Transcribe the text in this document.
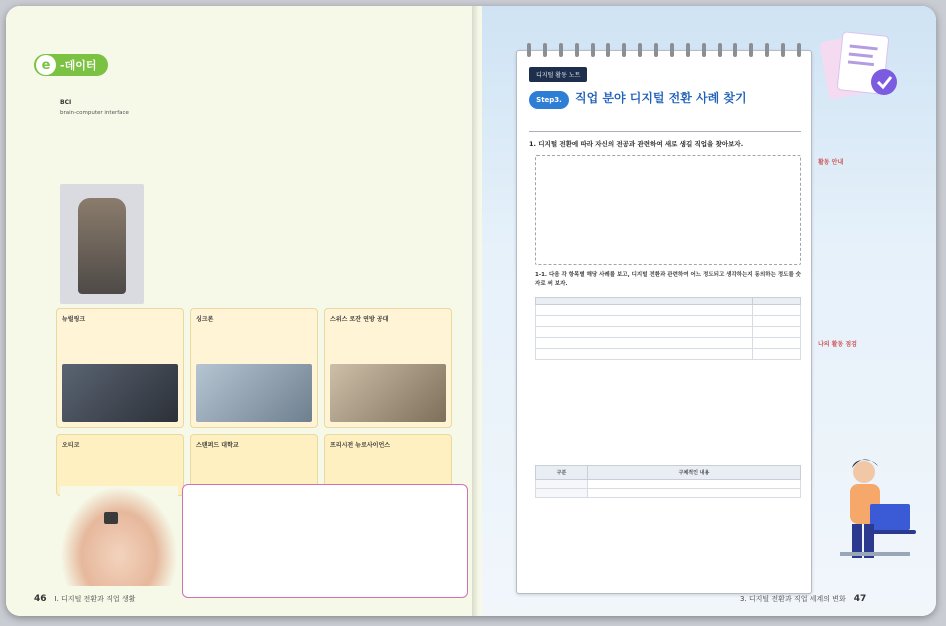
e -데이터
BCI
brain-computer interface
뉴럴링크	싱크론	스위스 로잔 연방 공대
오티코	스탠퍼드 대학교	프리시전 뉴로사이언스
46 I. 디지털 전환과 직업 생활
디지털 활동 노트
Step3.	직업 분야 디지털 전환 사례 찾기
1. 디지털 전환에 따라 자신의 전공과 관련하여 새로 생길 직업을 찾아보자.
1-1. 다음 각 항목별 해당 사례를 보고, 디지털 전환과 관련하여 어느 정도되고 생각하는지 동의하는 정도를 숫자로 써 보자.

구분	구체적인 내용

활동 안내
나의 활동 점검
3. 디지털 전환과 직업 세계의 변화 47
